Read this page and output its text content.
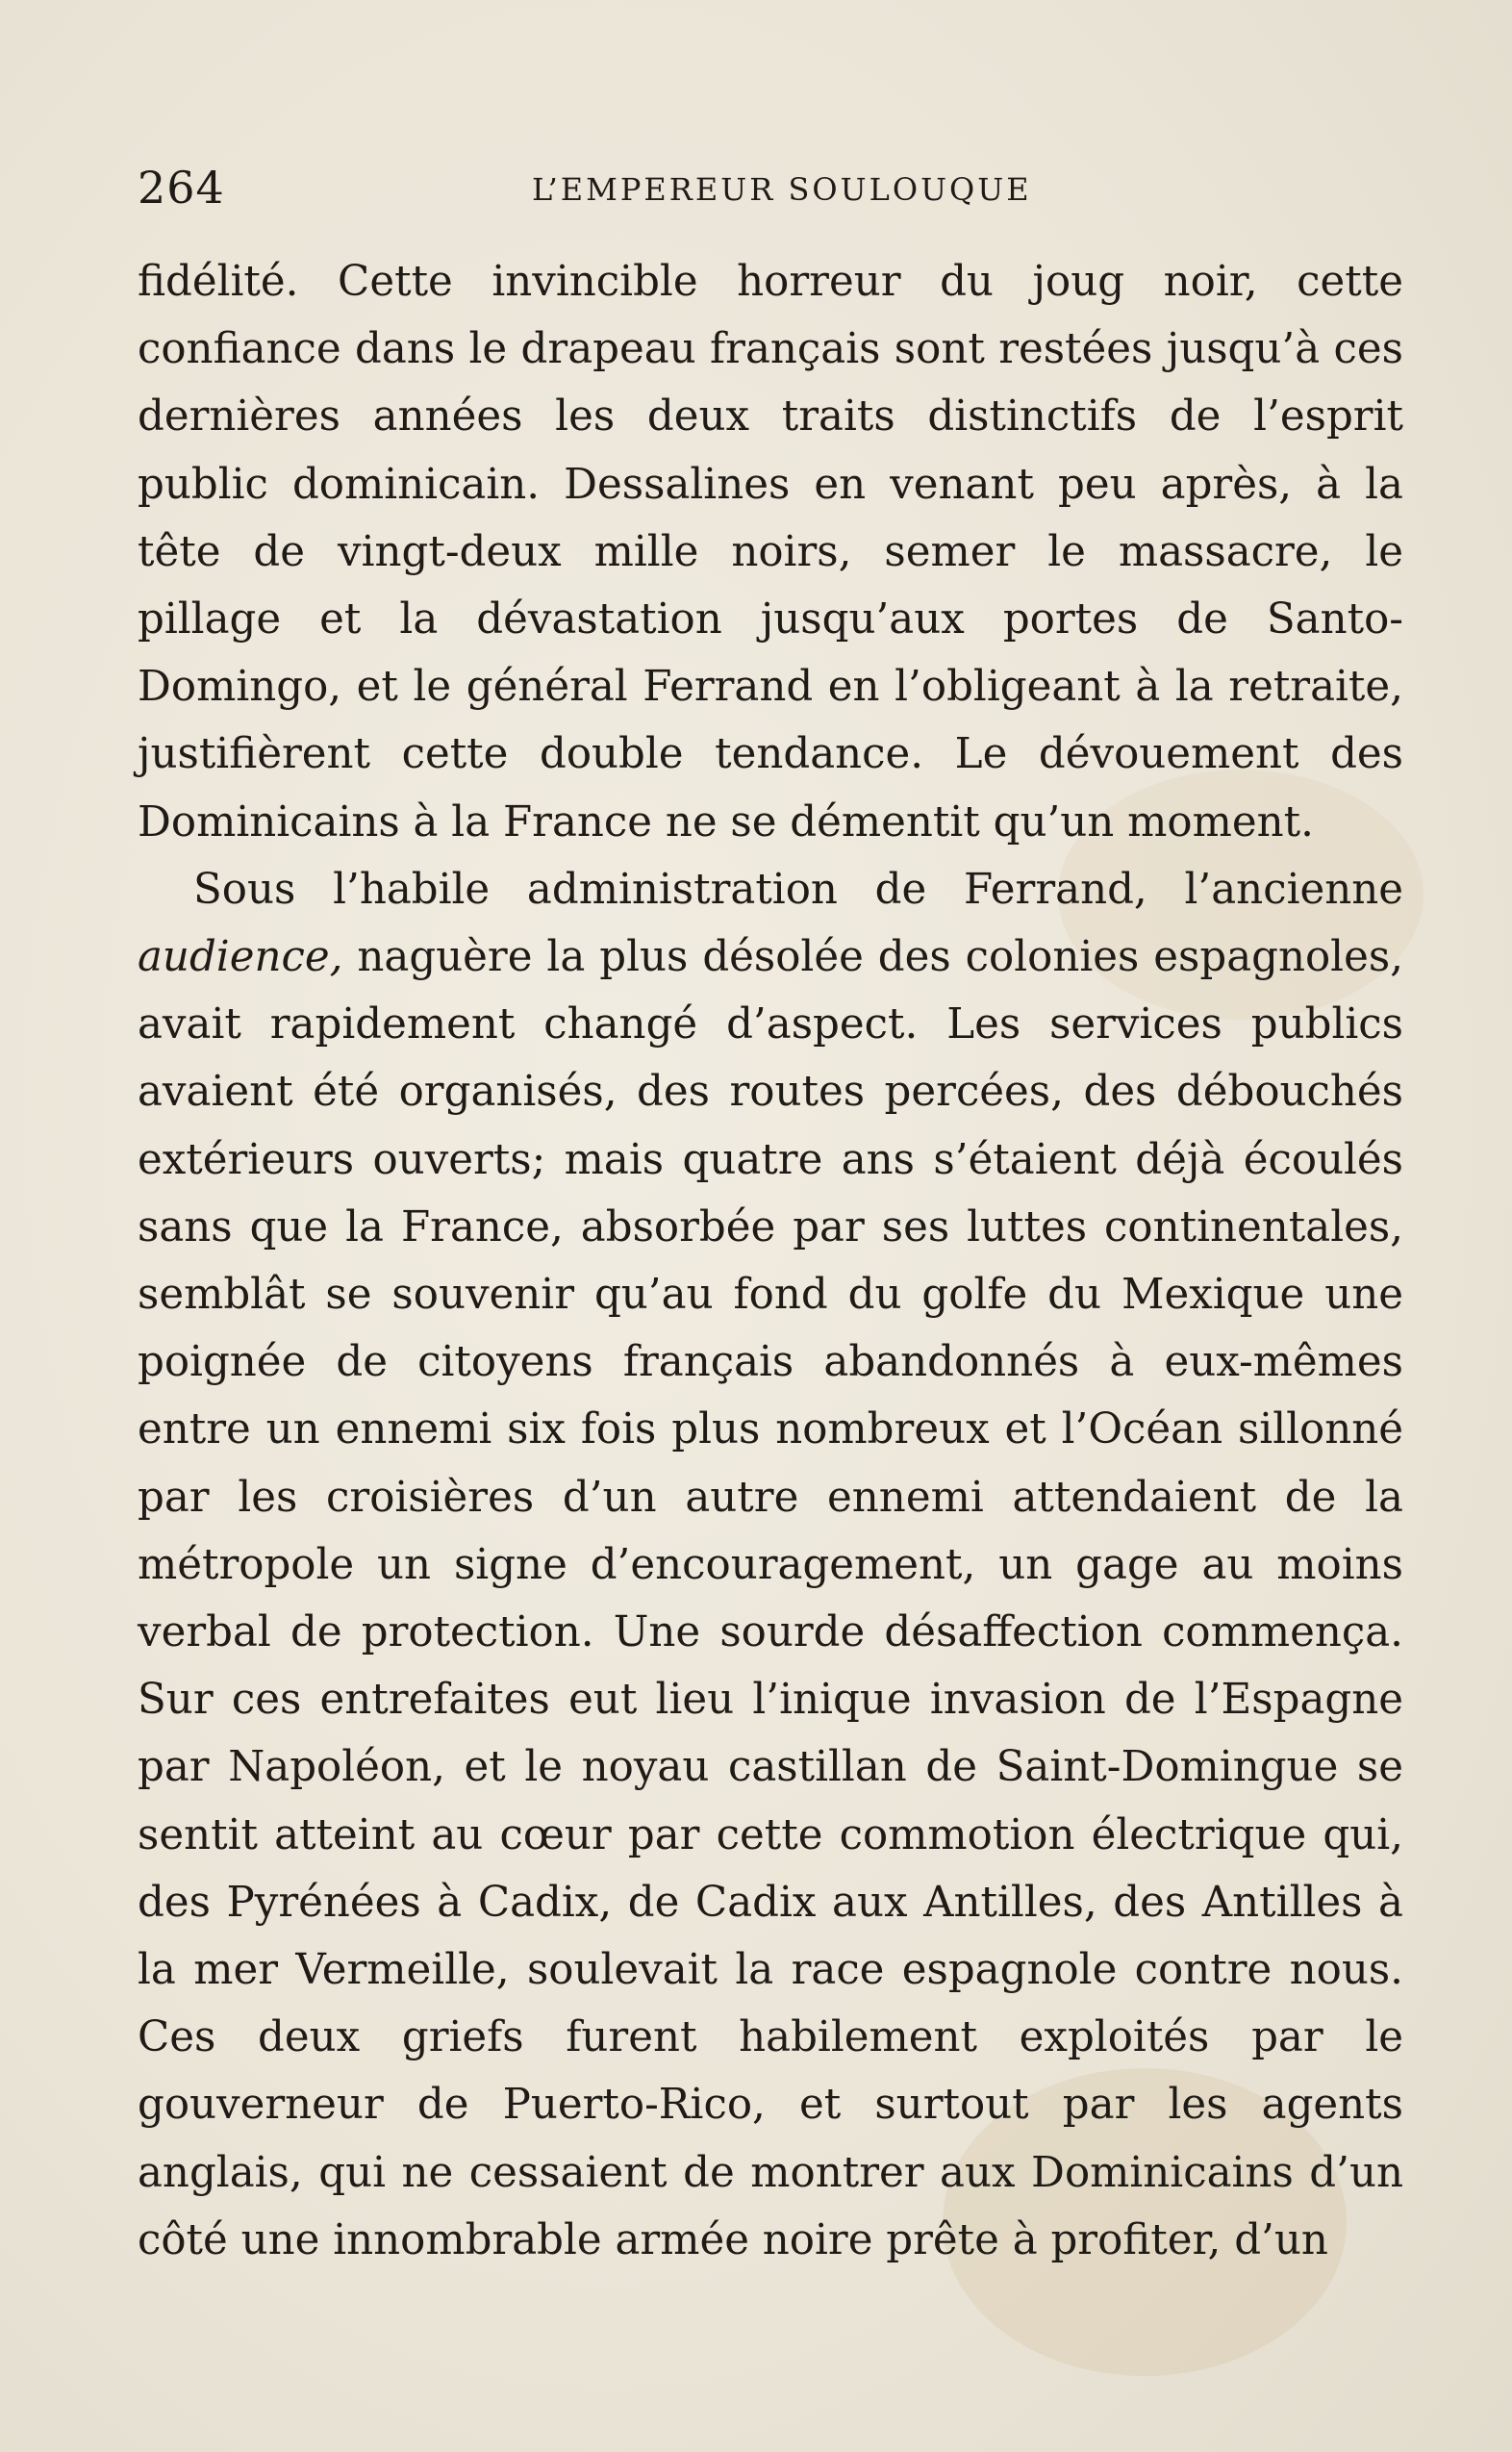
264	L’EMPEREUR SOULOUQUE

fidélité. Cette invincible horreur du joug noir, cette confiance dans le drapeau français sont restées jusqu’à ces dernières années les deux traits distinctifs de l’esprit public dominicain. Dessalines en venant peu après, à la tête de vingt-deux mille noirs, semer le massacre, le pillage et la dévastation jusqu’aux portes de Santo-Domingo, et le général Ferrand en l’obligeant à la retraite, justifièrent cette double tendance. Le dévouement des Dominicains à la France ne se démentit qu’un moment.

Sous l’habile administration de Ferrand, l’ancienne audience, naguère la plus désolée des colonies espagnoles, avait rapidement changé d’aspect. Les services publics avaient été organisés, des routes percées, des débouchés extérieurs ouverts; mais quatre ans s’étaient déjà écoulés sans que la France, absorbée par ses luttes continentales, semblât se souvenir qu’au fond du golfe du Mexique une poignée de citoyens français abandonnés à eux-mêmes entre un ennemi six fois plus nombreux et l’Océan sillonné par les croisières d’un autre ennemi attendaient de la métropole un signe d’encouragement, un gage au moins verbal de protection. Une sourde désaffection commença. Sur ces entrefaites eut lieu l’inique invasion de l’Espagne par Napoléon, et le noyau castillan de Saint-Domingue se sentit atteint au cœur par cette commotion électrique qui, des Pyrénées à Cadix, de Cadix aux Antilles, des Antilles à la mer Vermeille, soulevait la race espagnole contre nous. Ces deux griefs furent habilement exploités par le gouverneur de Puerto-Rico, et surtout par les agents anglais, qui ne cessaient de montrer aux Dominicains d’un côté une innombrable armée noire prête à profiter, d’un
